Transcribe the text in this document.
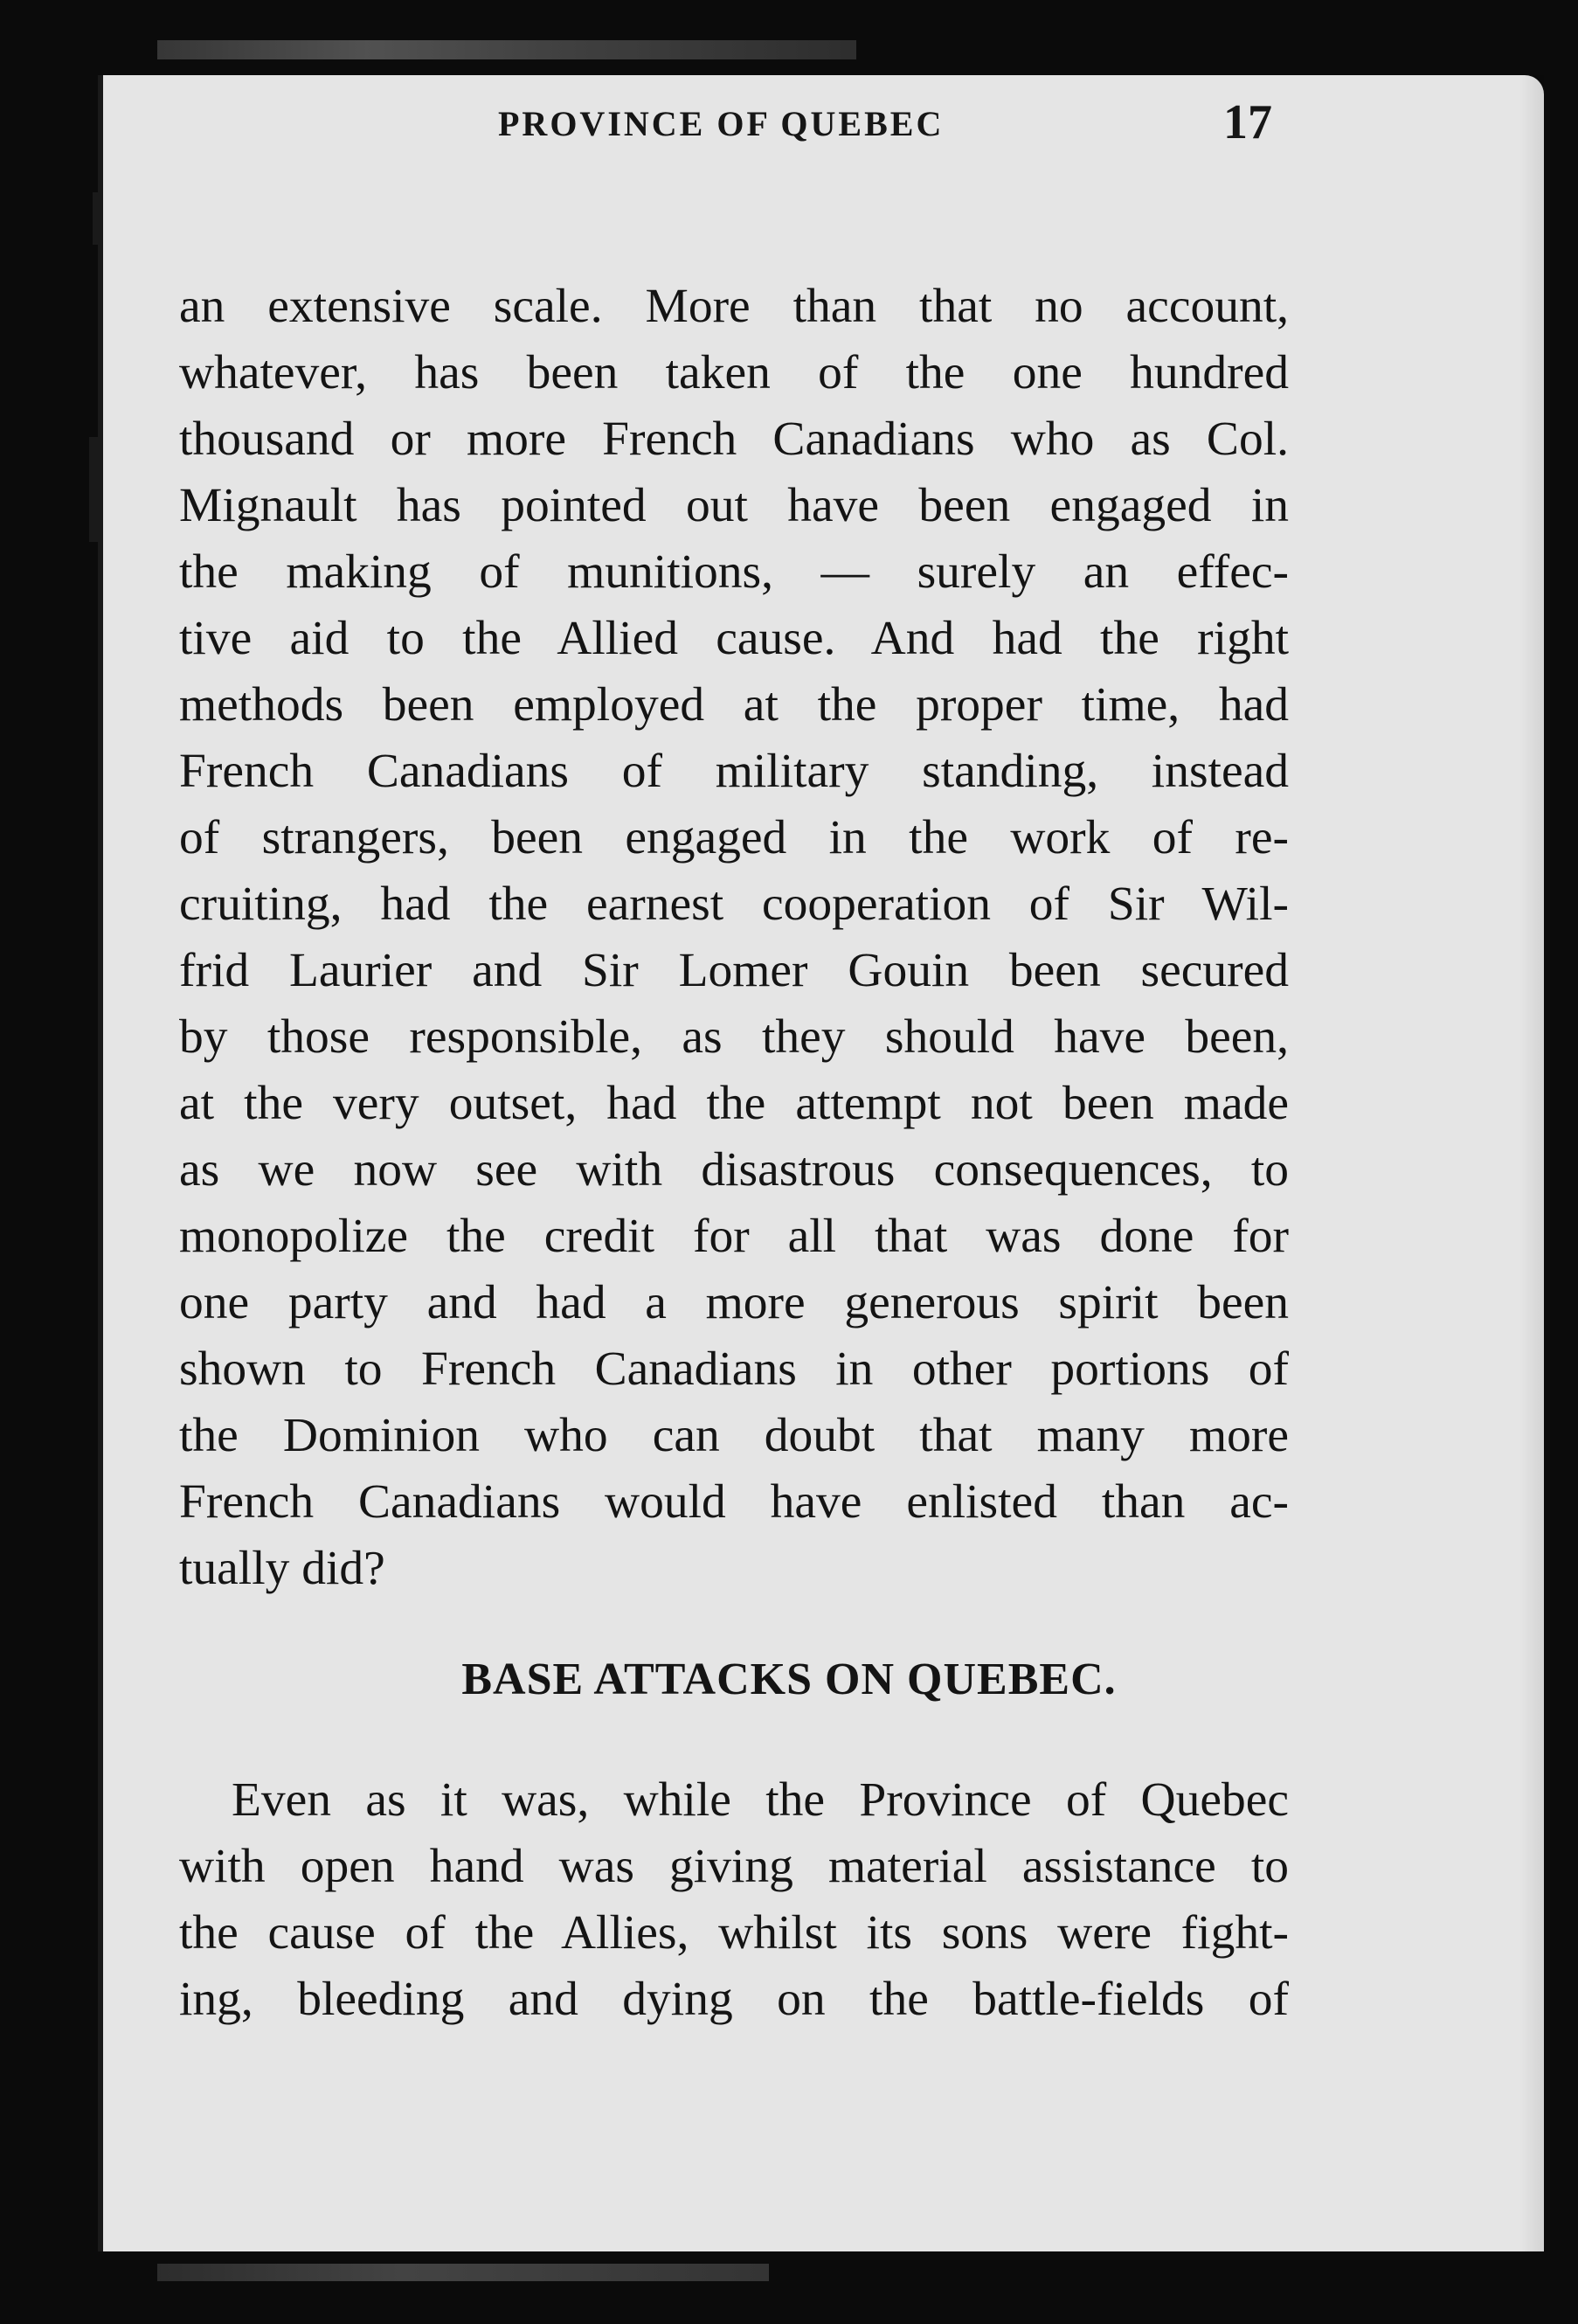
PROVINCE OF QUEBEC	17
an extensive scale. More than that no account,
whatever, has been taken of the one hundred
thousand or more French Canadians who as Col.
Mignault has pointed out have been engaged in
the making of munitions, — surely an effec-
tive aid to the Allied cause. And had the right
methods been employed at the proper time, had
French Canadians of military standing, instead
of strangers, been engaged in the work of re-
cruiting, had the earnest cooperation of Sir Wil-
frid Laurier and Sir Lomer Gouin been secured
by those responsible, as they should have been,
at the very outset, had the attempt not been made
as we now see with disastrous consequences, to
monopolize the credit for all that was done for
one party and had a more generous spirit been
shown to French Canadians in other portions of
the Dominion who can doubt that many more
French Canadians would have enlisted than ac-
tually did?
BASE ATTACKS ON QUEBEC.
Even as it was, while the Province of Quebec
with open hand was giving material assistance to
the cause of the Allies, whilst its sons were fight-
ing, bleeding and dying on the battle-fields of
